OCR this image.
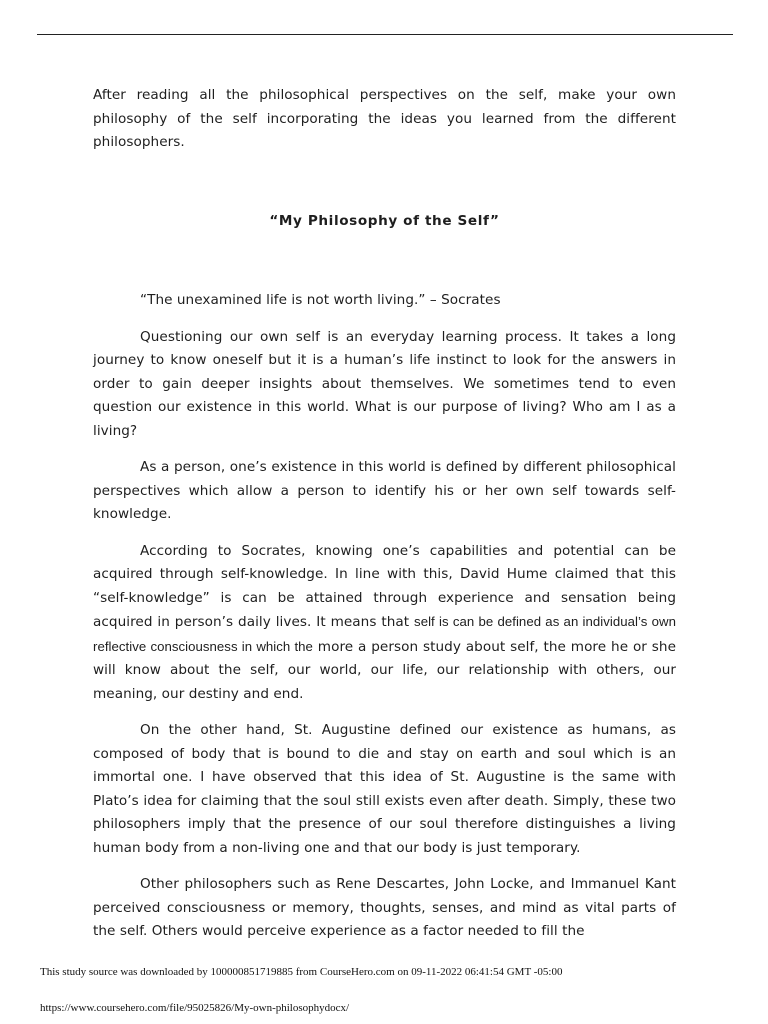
After reading all the philosophical perspectives on the self, make your own philosophy of the self incorporating the ideas you learned from the different philosophers.

“My Philosophy of the Self”

“The unexamined life is not worth living.” – Socrates

Questioning our own self is an everyday learning process. It takes a long journey to know oneself but it is a human’s life instinct to look for the answers in order to gain deeper insights about themselves. We sometimes tend to even question our existence in this world. What is our purpose of living? Who am I as a living?

As a person, one’s existence in this world is defined by different philosophical perspectives which allow a person to identify his or her own self towards self-knowledge.

According to Socrates, knowing one’s capabilities and potential can be acquired through self-knowledge. In line with this, David Hume claimed that this “self-knowledge” is can be attained through experience and sensation being acquired in person’s daily lives. It means that self is can be defined as an individual’s own reflective consciousness in which the more a person study about self, the more he or she will know about the self, our world, our life, our relationship with others, our meaning, our destiny and end.

On the other hand, St. Augustine defined our existence as humans, as composed of body that is bound to die and stay on earth and soul which is an immortal one. I have observed that this idea of St. Augustine is the same with Plato’s idea for claiming that the soul still exists even after death. Simply, these two philosophers imply that the presence of our soul therefore distinguishes a living human body from a non-living one and that our body is just temporary.

Other philosophers such as Rene Descartes, John Locke, and Immanuel Kant perceived consciousness or memory, thoughts, senses, and mind as vital parts of the self. Others would perceive experience as a factor needed to fill the

This study source was downloaded by 100000851719885 from CourseHero.com on 09-11-2022 06:41:54 GMT -05:00
https://www.coursehero.com/file/95025826/My-own-philosophydocx/
